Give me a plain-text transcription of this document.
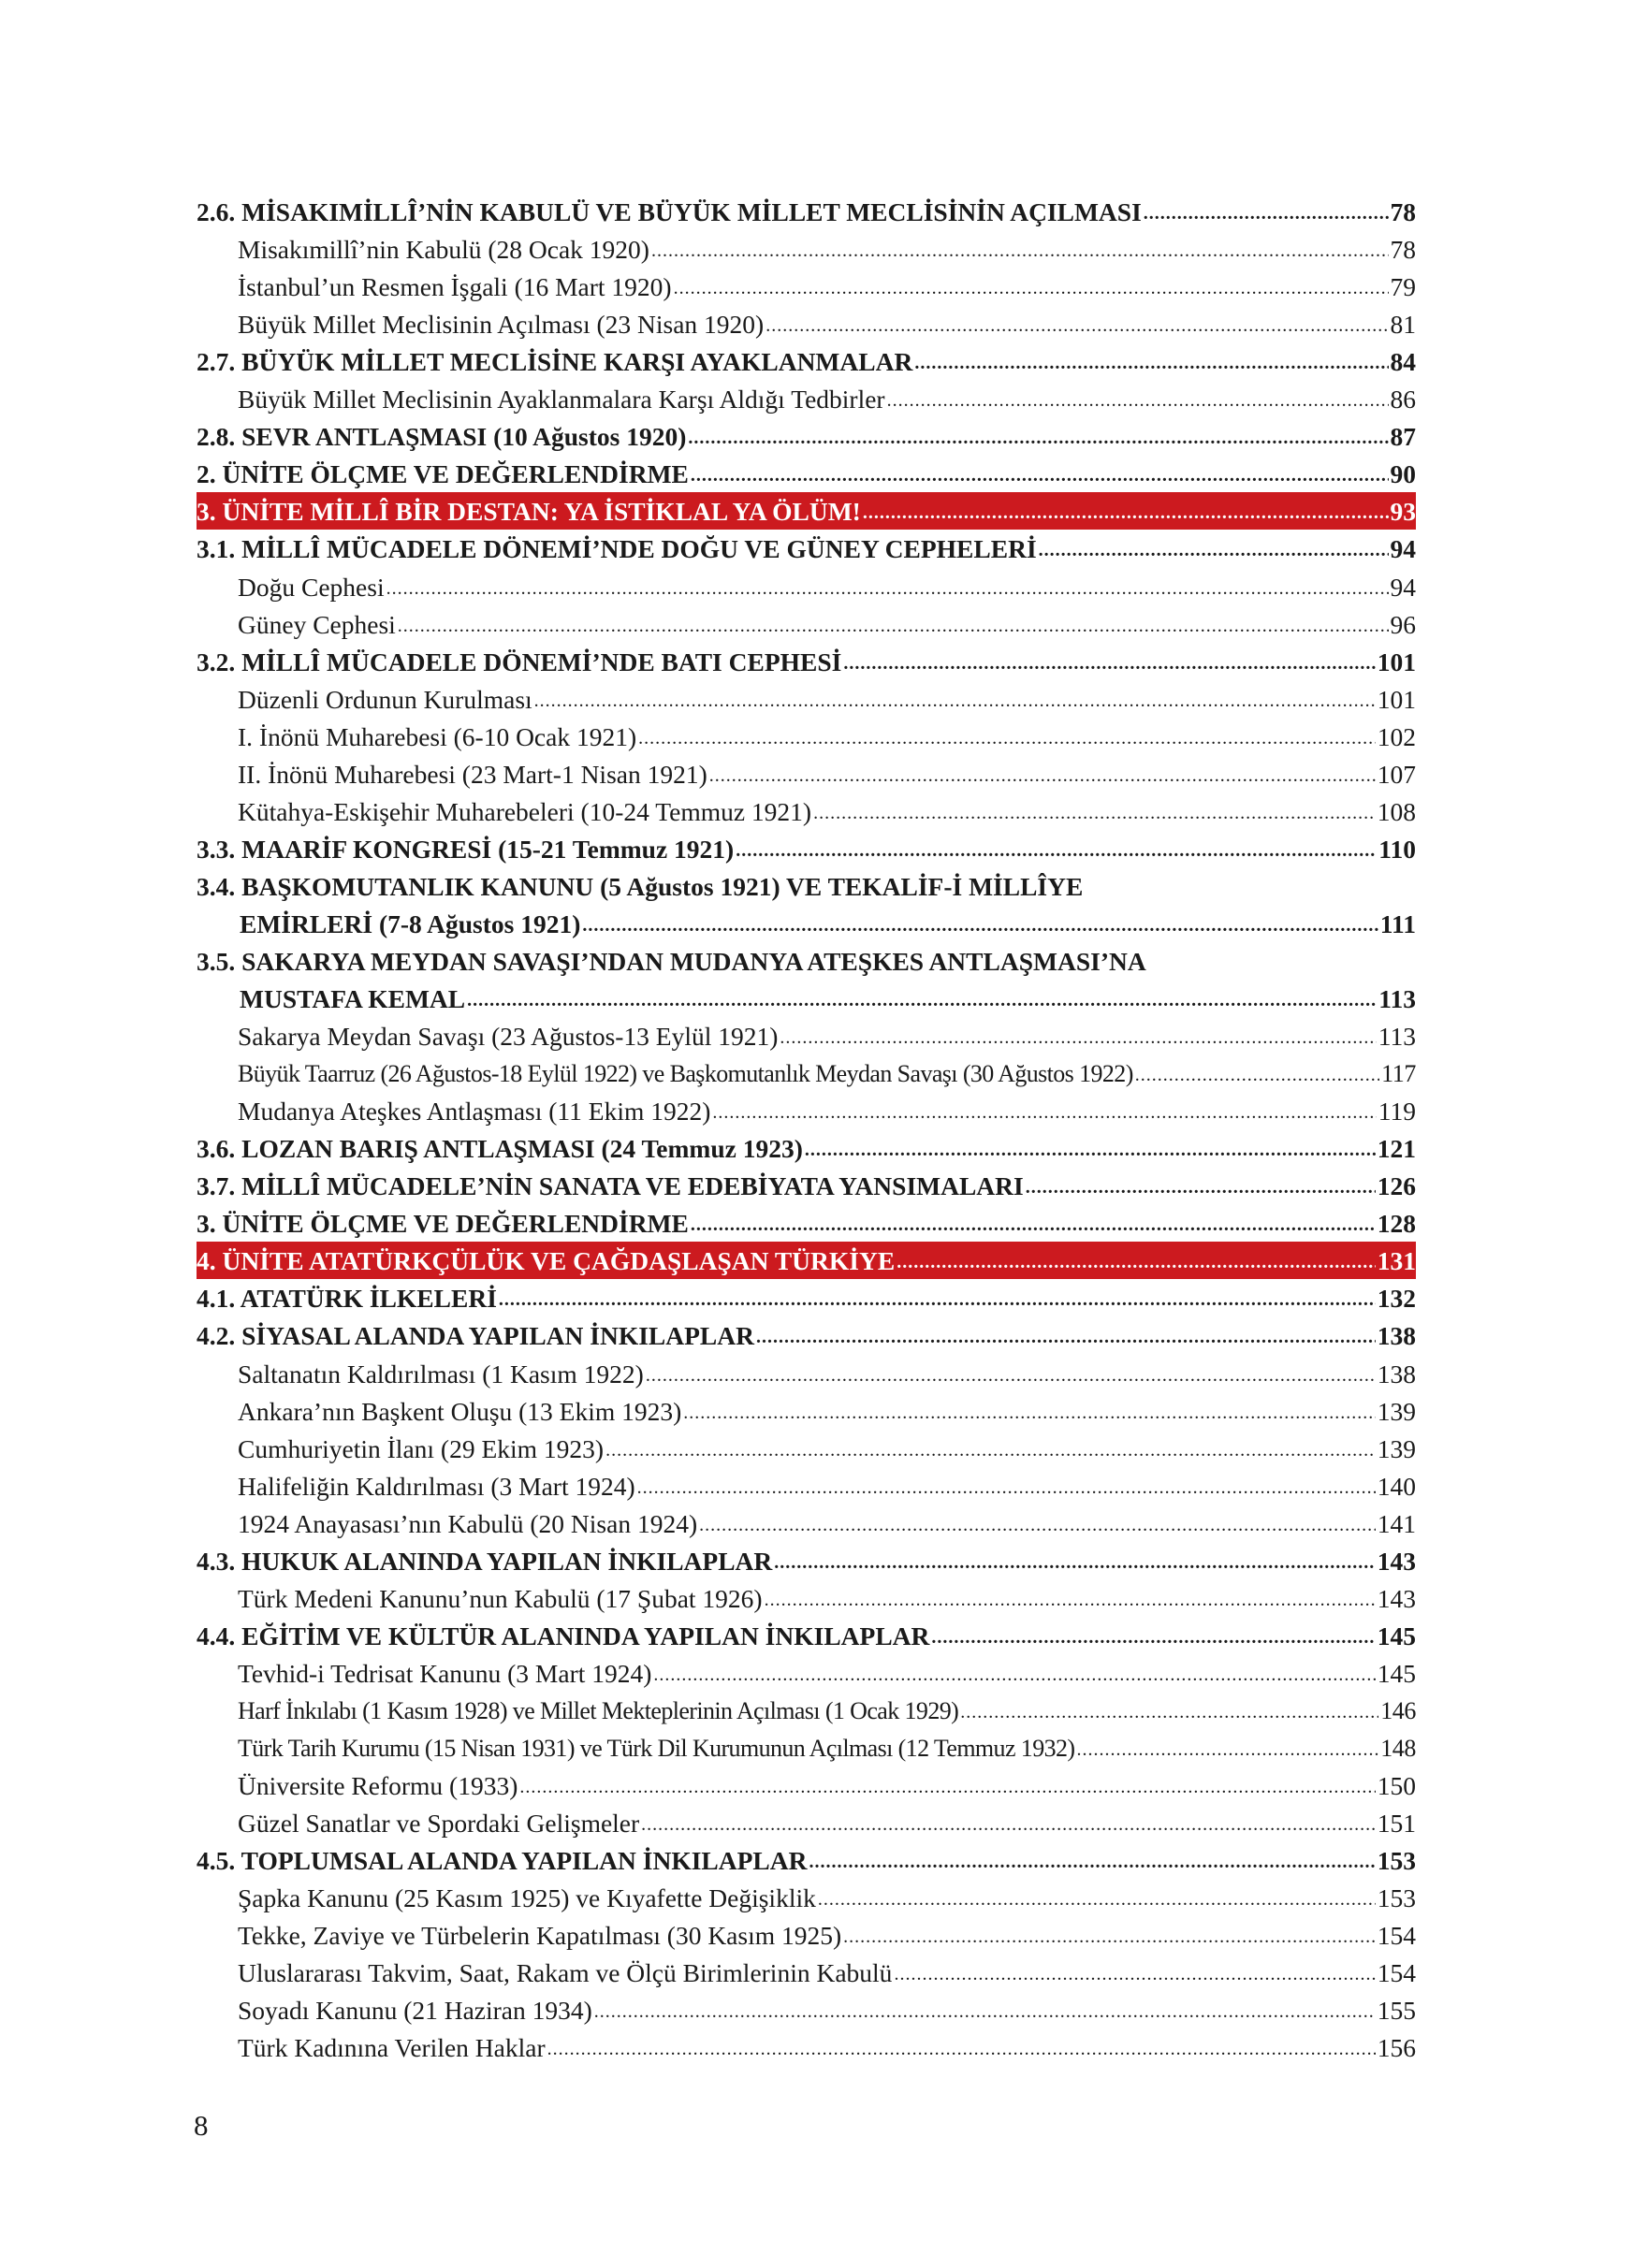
2.6. MİSAKIMİLLÎ’NİN KABULÜ VE BÜYÜK MİLLET MECLİSİNİN AÇILMASI .....	78
Misakımillî’nin Kabulü (28 Ocak 1920) .....	78
İstanbul’un Resmen İşgali (16 Mart 1920) .....	79
Büyük Millet Meclisinin Açılması (23 Nisan 1920) .....	81
2.7. BÜYÜK MİLLET MECLİSİNE KARŞI AYAKLANMALAR .....	84
Büyük Millet Meclisinin Ayaklanmalara Karşı Aldığı Tedbirler .....	86
2.8. SEVR ANTLAŞMASI (10 Ağustos 1920) .....	87
2. ÜNİTE ÖLÇME VE DEĞERLENDİRME .....	90
3. ÜNİTE MİLLÎ BİR DESTAN: YA İSTİKLAL YA ÖLÜM! .....	93
3.1. MİLLÎ MÜCADELE DÖNEMİ’NDE DOĞU VE GÜNEY CEPHELERİ .....	94
Doğu Cephesi .....	94
Güney Cephesi .....	96
3.2. MİLLÎ MÜCADELE DÖNEMİ’NDE BATI CEPHESİ .....	101
Düzenli Ordunun Kurulması .....	101
I. İnönü Muharebesi (6-10 Ocak 1921) .....	102
II. İnönü Muharebesi (23 Mart-1 Nisan 1921) .....	107
Kütahya-Eskişehir Muharebeleri (10-24 Temmuz 1921) .....	108
3.3. MAARİF KONGRESİ (15-21 Temmuz 1921) .....	110
3.4. BAŞKOMUTANLIK KANUNU (5 Ağustos 1921) VE TEKALİF-İ MİLLÎYE
EMİRLERİ (7-8 Ağustos 1921) .....	111
3.5. SAKARYA MEYDAN SAVAŞI’NDAN MUDANYA ATEŞKES ANTLAŞMASI’NA
MUSTAFA KEMAL .....	113
Sakarya Meydan Savaşı (23 Ağustos-13 Eylül 1921) .....	113
Büyük Taarruz (26 Ağustos-18 Eylül 1922) ve Başkomutanlık Meydan Savaşı (30 Ağustos 1922) .....	117
Mudanya Ateşkes Antlaşması (11 Ekim 1922) .....	119
3.6. LOZAN BARIŞ ANTLAŞMASI (24 Temmuz 1923) .....	121
3.7. MİLLÎ MÜCADELE’NİN SANATA VE EDEBİYATA YANSIMALARI .....	126
3. ÜNİTE ÖLÇME VE DEĞERLENDİRME .....	128
4. ÜNİTE ATATÜRKÇÜLÜK VE ÇAĞDAŞLAŞAN TÜRKİYE .....	131
4.1. ATATÜRK İLKELERİ .....	132
4.2. SİYASAL ALANDA YAPILAN İNKILAPLAR .....	138
Saltanatın Kaldırılması (1 Kasım 1922) .....	138
Ankara’nın Başkent Oluşu (13 Ekim 1923) .....	139
Cumhuriyetin İlanı (29 Ekim 1923) .....	139
Halifeliğin Kaldırılması (3 Mart 1924) .....	140
1924 Anayasası’nın Kabulü (20 Nisan 1924) .....	141
4.3. HUKUK ALANINDA YAPILAN İNKILAPLAR .....	143
Türk Medeni Kanunu’nun Kabulü (17 Şubat 1926) .....	143
4.4. EĞİTİM VE KÜLTÜR ALANINDA YAPILAN İNKILAPLAR .....	145
Tevhid-i Tedrisat Kanunu (3 Mart 1924) .....	145
Harf İnkılabı (1 Kasım 1928) ve Millet Mekteplerinin Açılması (1 Ocak 1929) .....	146
Türk Tarih Kurumu (15 Nisan 1931) ve Türk Dil Kurumunun Açılması (12 Temmuz 1932) .....	148
Üniversite Reformu (1933) .....	150
Güzel Sanatlar ve Spordaki Gelişmeler .....	151
4.5. TOPLUMSAL ALANDA YAPILAN İNKILAPLAR .....	153
Şapka Kanunu (25 Kasım 1925) ve Kıyafette Değişiklik .....	153
Tekke, Zaviye ve Türbelerin Kapatılması (30 Kasım 1925) .....	154
Uluslararası Takvim, Saat, Rakam ve Ölçü Birimlerinin Kabulü .....	154
Soyadı Kanunu (21 Haziran 1934) .....	155
Türk Kadınına Verilen Haklar .....	156
8
